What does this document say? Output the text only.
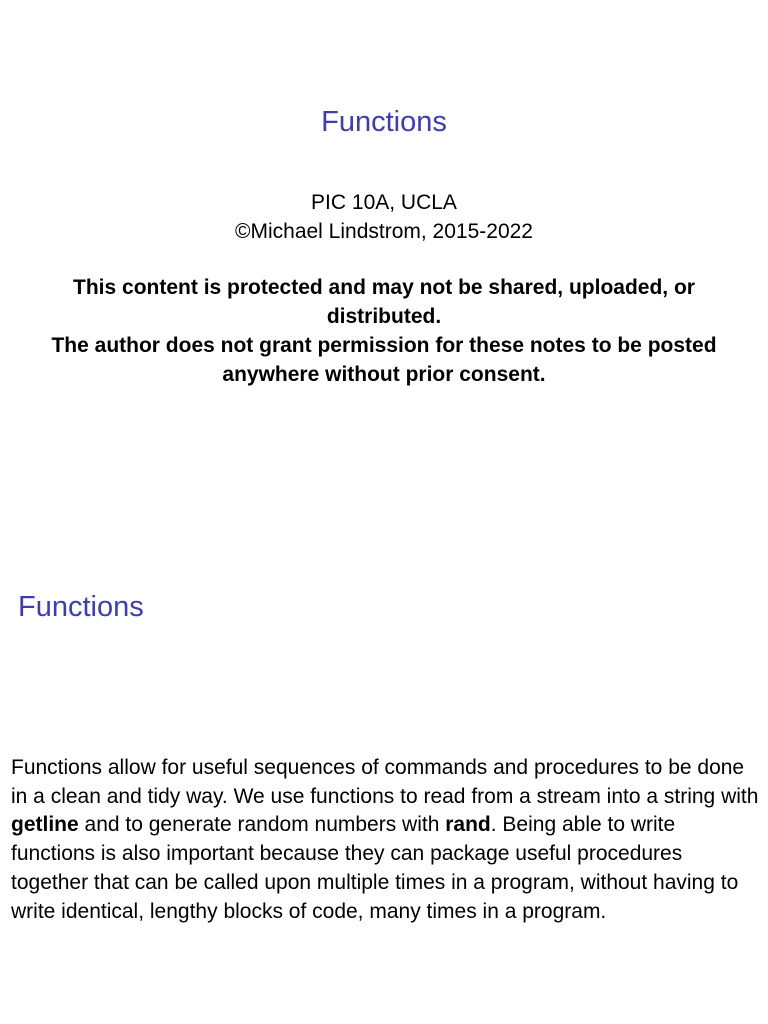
Functions
PIC 10A, UCLA
©Michael Lindstrom, 2015-2022

This content is protected and may not be shared, uploaded, or distributed.

The author does not grant permission for these notes to be posted anywhere without prior consent.

Functions

Functions allow for useful sequences of commands and procedures to be done in a clean and tidy way. We use functions to read from a stream into a string with getline and to generate random numbers with rand. Being able to write functions is also important because they can package useful procedures together that can be called upon multiple times in a program, without having to write identical, lengthy blocks of code, many times in a program.
